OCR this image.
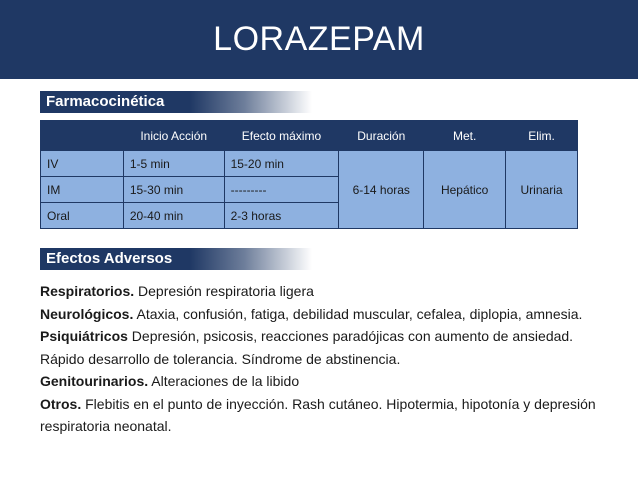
LORAZEPAM
Farmacocinética
	Inicio Acción	Efecto máximo	Duración	Met.	Elim.
IV	1-5 min	15-20 min	6-14 horas	Hepático	Urinaria
IM	15-30 min	---------			
Oral	20-40 min	2-3 horas			
Efectos Adversos

Respiratorios. Depresión respiratoria ligera

Neurológicos. Ataxia, confusión, fatiga, debilidad muscular, cefalea, diplopia, amnesia.

Psiquiátricos Depresión, psicosis, reacciones paradójicas con aumento de ansiedad. Rápido desarrollo de tolerancia. Síndrome de abstinencia.

Genitourinarios. Alteraciones de la libido

Otros. Flebitis en el punto de inyección. Rash cutáneo. Hipotermia, hipotonía y depresión respiratoria neonatal.
